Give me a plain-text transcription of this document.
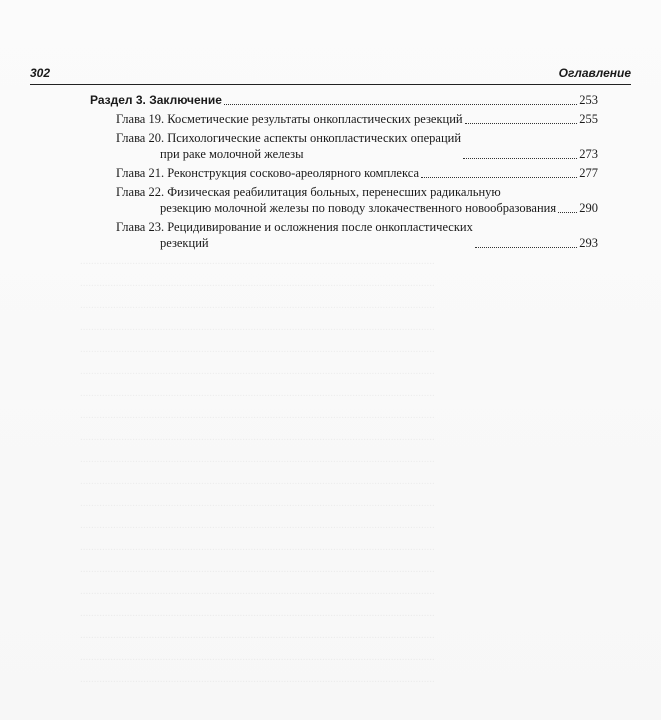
.................................................................................................................................
.................................................................................................................................
.................................................................................................................................
.................................................................................................................................
.................................................................................................................................
.................................................................................................................................
.................................................................................................................................
.................................................................................................................................
.................................................................................................................................
.................................................................................................................................
.................................................................................................................................
.................................................................................................................................
.................................................................................................................................
.................................................................................................................................
.................................................................................................................................
.................................................................................................................................
.................................................................................................................................
.................................................................................................................................
.................................................................................................................................
.................................................................................................................................
302	Оглавление
Раздел 3. Заключение	253
Глава 19. Косметические результаты онкопластических резекций	255
Глава 20. Психологические аспекты онкопластических операций
при раке молочной железы	273
Глава 21. Реконструкция сосково-ареолярного комплекса	277
Глава 22. Физическая реабилитация больных, перенесших радикальную
резекцию молочной железы по поводу злокачественного новообразования 290
Глава 23. Рецидивирование и осложнения после онкопластических
резекций	293
